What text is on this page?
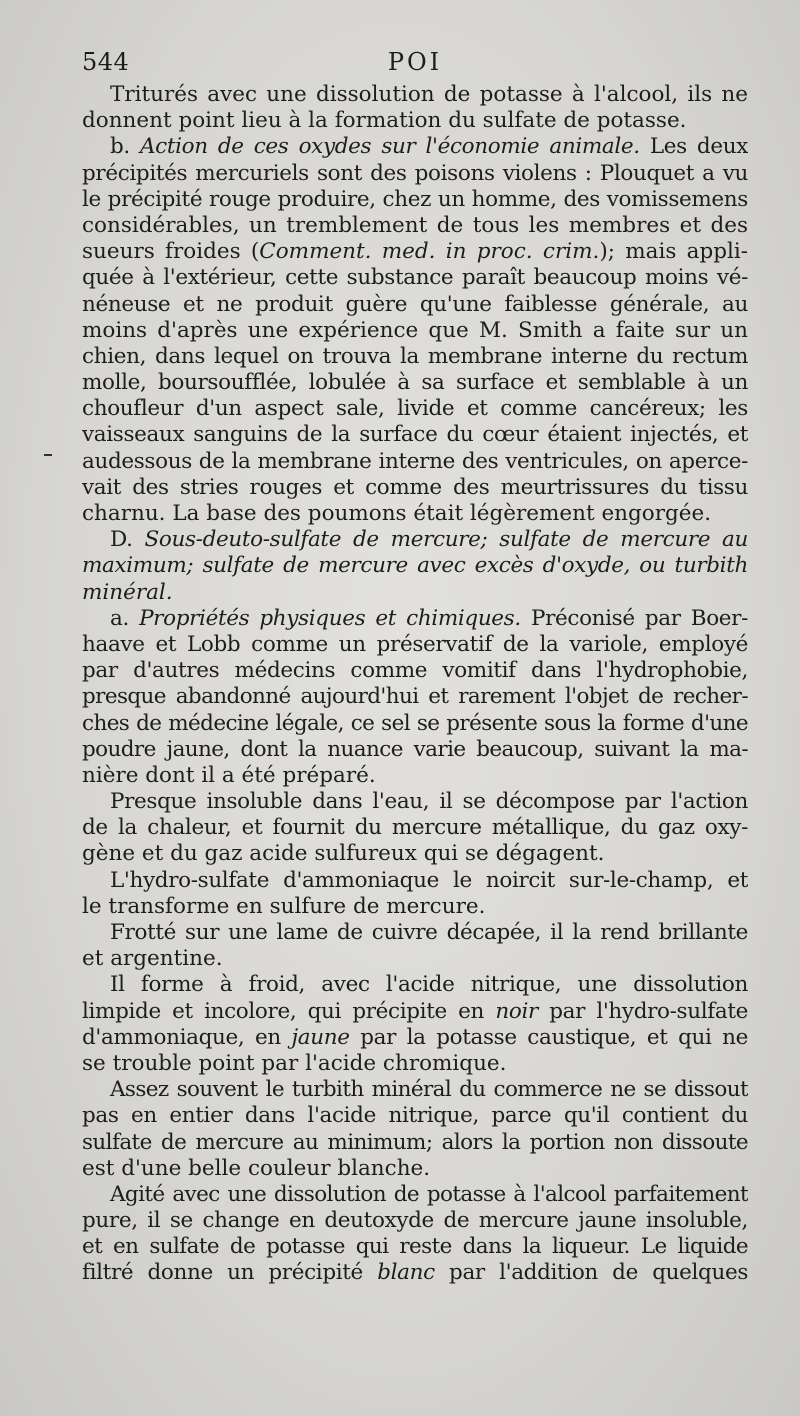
544	POI
Triturés avec une dissolution de potasse à l'alcool, ils ne
donnent point lieu à la formation du sulfate de potasse.
b. Action de ces oxydes sur l'économie animale. Les deux
précipités mercuriels sont des poisons violens : Plouquet a vu
le précipité rouge produire, chez un homme, des vomissemens
considérables, un tremblement de tous les membres et des
sueurs froides (Comment. med. in proc. crim.); mais appli-
quée à l'extérieur, cette substance paraît beaucoup moins vé-
néneuse et ne produit guère qu'une faiblesse générale, au
moins d'après une expérience que M. Smith a faite sur un
chien, dans lequel on trouva la membrane interne du rectum
molle, boursoufflée, lobulée à sa surface et semblable à un
choufleur d'un aspect sale, livide et comme cancéreux; les
vaisseaux sanguins de la surface du cœur étaient injectés, et
audessous de la membrane interne des ventricules, on aperce-
vait des stries rouges et comme des meurtrissures du tissu
charnu. La base des poumons était légèrement engorgée.
D. Sous-deuto-sulfate de mercure; sulfate de mercure au
maximum; sulfate de mercure avec excès d'oxyde, ou turbith
minéral.
a. Propriétés physiques et chimiques. Préconisé par Boer-
haave et Lobb comme un préservatif de la variole, employé
par d'autres médecins comme vomitif dans l'hydrophobie,
presque abandonné aujourd'hui et rarement l'objet de recher-
ches de médecine légale, ce sel se présente sous la forme d'une
poudre jaune, dont la nuance varie beaucoup, suivant la ma-
nière dont il a été préparé.
Presque insoluble dans l'eau, il se décompose par l'action
de la chaleur, et fournit du mercure métallique, du gaz oxy-
gène et du gaz acide sulfureux qui se dégagent.
L'hydro-sulfate d'ammoniaque le noircit sur-le-champ, et
le transforme en sulfure de mercure.
Frotté sur une lame de cuivre décapée, il la rend brillante
et argentine.
Il forme à froid, avec l'acide nitrique, une dissolution
limpide et incolore, qui précipite en noir par l'hydro-sulfate
d'ammoniaque, en jaune par la potasse caustique, et qui ne
se trouble point par l'acide chromique.
Assez souvent le turbith minéral du commerce ne se dissout
pas en entier dans l'acide nitrique, parce qu'il contient du
sulfate de mercure au minimum; alors la portion non dissoute
est d'une belle couleur blanche.
Agité avec une dissolution de potasse à l'alcool parfaitement
pure, il se change en deutoxyde de mercure jaune insoluble,
et en sulfate de potasse qui reste dans la liqueur. Le liquide
filtré donne un précipité blanc par l'addition de quelques
